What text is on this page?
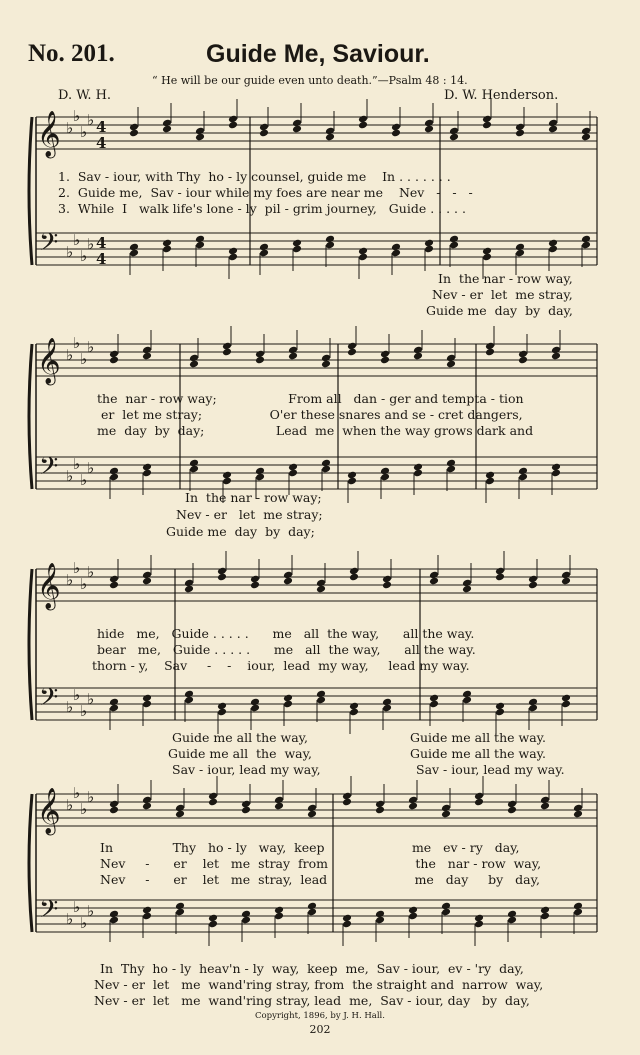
No. 201.	Guide Me, Saviour.
“ He will be our guide even unto death.”—Psalm 48 : 14.
D. W. H.	D. W. Henderson.
𝄞
𝄢
♭
♭
♭
♭
♭
♭
♭
♭
4
4
4
4
𝄞
𝄢
♭
♭
♭
♭
♭
♭
♭
♭
𝄞
𝄢
♭
♭
♭
♭
♭
♭
♭
♭
𝄞
𝄢
♭
♭
♭
♭
♭
♭
♭
♭
1.  Sav - iour, with Thy  ho - ly counsel, guide me    In . . . . . . .
2.  Guide me,  Sav - iour while my foes are near me    Nev   -   -   -
3.  While  I   walk life's lone - ly  pil - grim journey,   Guide . . . . .
In  the nar - row way,
Nev - er  let  me stray,
Guide me  day  by  day,
the  nar - row way;                  From all   dan - ger and tempta - tion
er  let me stray;                 O'er these snares and se - cret dangers,
me  day  by  day;                  Lead  me  when the way grows dark and
In  the nar - row way;
Nev - er   let  me stray;
Guide me  day  by  day;
hide   me,   Guide . . . . .      me   all  the way,      all the way.
bear   me,   Guide . . . . .      me   all  the way,      all the way.
thorn - y,    Sav     -    -    iour,  lead  my way,     lead my way.
Guide me all the way,
Guide me all  the  way,
Sav - iour, lead my way,
Guide me all the way.
Guide me all the way.
Sav - iour, lead my way.
In               Thy   ho - ly   way,  keep                      me   ev - ry   day,
Nev     -      er    let   me  stray  from                      the   nar - row  way,
Nev     -      er    let   me  stray,  lead                      me   day     by   day,
In  Thy  ho - ly  heav'n - ly  way,  keep  me,  Sav - iour,  ev - 'ry  day,
Nev - er  let   me  wand'ring stray, from  the straight and  narrow  way,
Nev - er  let   me  wand'ring stray, lead  me,  Sav - iour, day   by  day,
Copyright, 1896, by J. H. Hall.
202
